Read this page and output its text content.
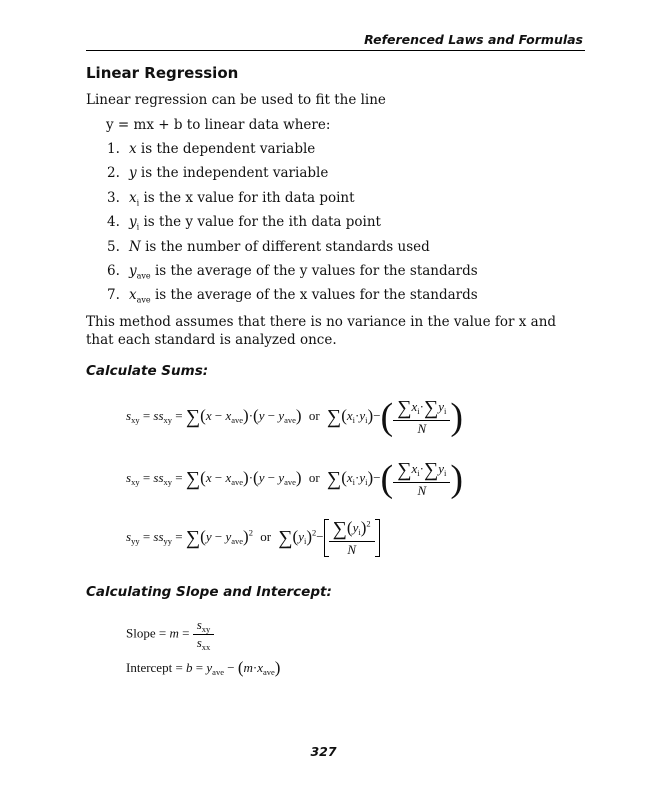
Referenced Laws and Formulas
Linear Regression
Linear regression can be used to fit the line
y = mx + b to linear data where:
1. x is the dependent variable
2. y is the independent variable
3. $x_i$ is the x value for ith data point
4. $y_i$ is the y value for the ith data point
5. N is the number of different standards used
6. $y_{ave}$ is the average of the y values for the standards
7. $x_{ave}$ is the average of the x values for the standards
This method assumes that there is no variance in the value for x and that each standard is analyzed once.
Calculate Sums:
$s_{xy} = ss_{xy} = \sum(x - x_{ave})\cdot(y - y_{ave})$ or $\sum(x_i\cdot y_i)-( \frac{\sum x_i\cdot\sum y_i}{N}$ )
$s_{xy} = ss_{xy} = \sum(x - x_{ave})\cdot(y - y_{ave})$ or $\sum(x_i\cdot y_i)-( \frac{\sum x_i\cdot\sum y_i}{N}$ )
$s_{yy} = ss_{yy} = \sum(y - y_{ave})^2$ or $\sum(y_i)^2- \frac{\sum(y_i)^2}{N}$
Calculating Slope and Intercept:
Slope = $m = \frac{s_{xy}}{s_{xx}}$
Intercept = $b = y_{ave} - (m\cdot x_{ave})$
327
